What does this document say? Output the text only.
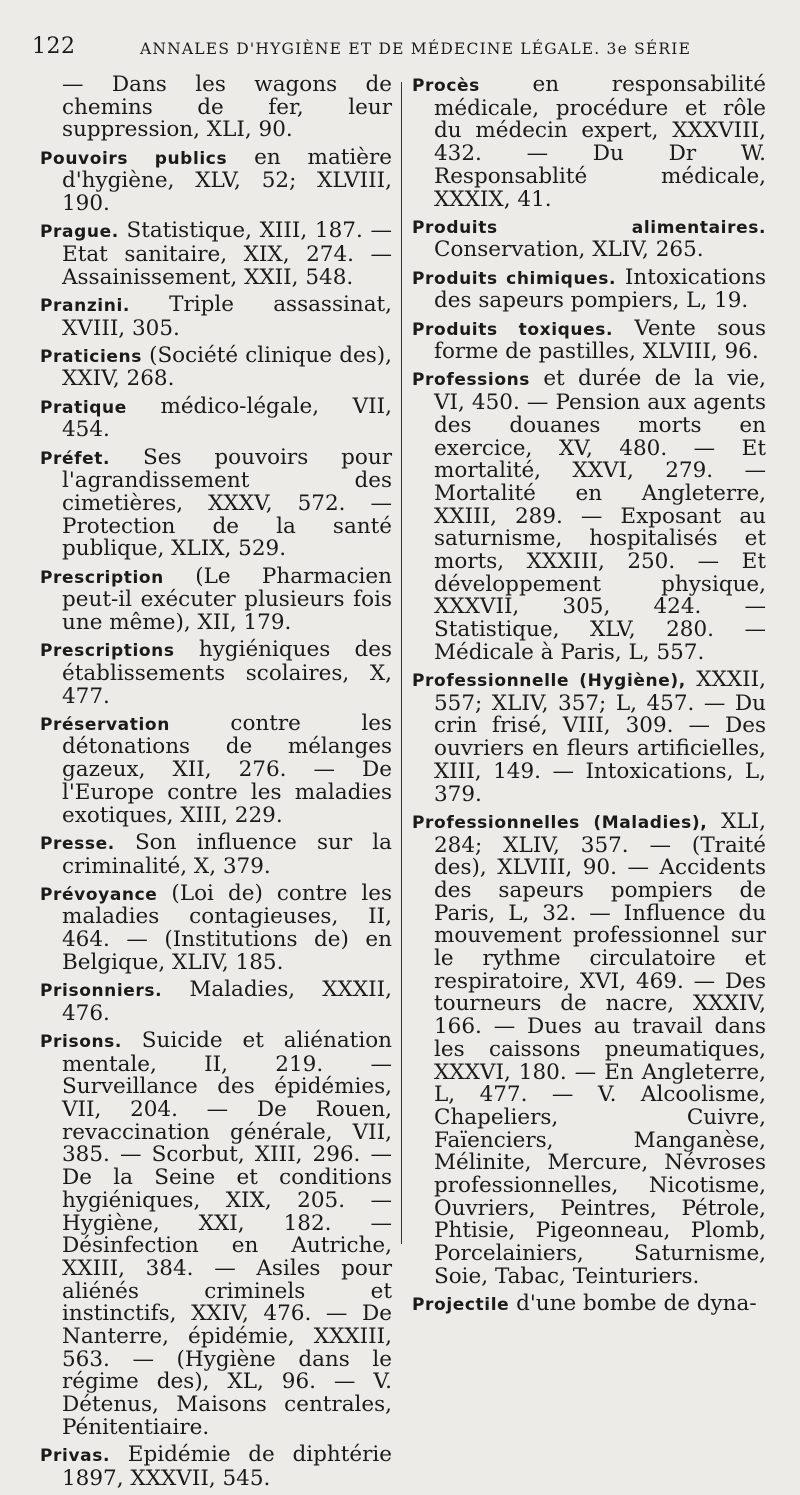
122	ANNALES D'HYGIÈNE ET DE MÉDECINE LÉGALE. 3e SÉRIE

— Dans les wagons de chemins de fer, leur suppression, XLI, 90.

Pouvoirs publics en matière d'hygiène, XLV, 52; XLVIII, 190.

Prague. Statistique, XIII, 187. — Etat sanitaire, XIX, 274. — Assainissement, XXII, 548.

Pranzini. Triple assassinat, XVIII, 305.

Praticiens (Société clinique des), XXIV, 268.

Pratique médico-légale, VII, 454.

Préfet. Ses pouvoirs pour l'agrandissement des cimetières, XXXV, 572. — Protection de la santé publique, XLIX, 529.

Prescription (Le Pharmacien peut-il exécuter plusieurs fois une même), XII, 179.

Prescriptions hygiéniques des établissements scolaires, X, 477.

Préservation contre les détonations de mélanges gazeux, XII, 276. — De l'Europe contre les maladies exotiques, XIII, 229.

Presse. Son influence sur la criminalité, X, 379.

Prévoyance (Loi de) contre les maladies contagieuses, II, 464. — (Institutions de) en Belgique, XLIV, 185.

Prisonniers. Maladies, XXXII, 476.

Prisons. Suicide et aliénation mentale, II, 219. — Surveillance des épidémies, VII, 204. — De Rouen, revaccination générale, VII, 385. — Scorbut, XIII, 296. — De la Seine et conditions hygiéniques, XIX, 205. — Hygiène, XXI, 182. — Désinfection en Autriche, XXIII, 384. — Asiles pour aliénés criminels et instinctifs, XXIV, 476. — De Nanterre, épidémie, XXXIII, 563. — (Hygiène dans le régime des), XL, 96. — V. Détenus, Maisons centrales, Pénitentiaire.

Privas. Epidémie de diphtérie 1897, XXXVII, 545.

Procès en responsabilité médicale, procédure et rôle du médecin expert, XXXVIII, 432. — Du Dr W. Responsablité médicale, XXXIX, 41.

Produits alimentaires. Conservation, XLIV, 265.

Produits chimiques. Intoxications des sapeurs pompiers, L, 19.

Produits toxiques. Vente sous forme de pastilles, XLVIII, 96.

Professions et durée de la vie, VI, 450. — Pension aux agents des douanes morts en exercice, XV, 480. — Et mortalité, XXVI, 279. — Mortalité en Angleterre, XXIII, 289. — Exposant au saturnisme, hospitalisés et morts, XXXIII, 250. — Et développement physique, XXXVII, 305, 424. — Statistique, XLV, 280. — Médicale à Paris, L, 557.

Professionnelle (Hygiène), XXXII, 557; XLIV, 357; L, 457. — Du crin frisé, VIII, 309. — Des ouvriers en fleurs artificielles, XIII, 149. — Intoxications, L, 379.

Professionnelles (Maladies), XLI, 284; XLIV, 357. — (Traité des), XLVIII, 90. — Accidents des sapeurs pompiers de Paris, L, 32. — Influence du mouvement professionnel sur le rythme circulatoire et respiratoire, XVI, 469. — Des tourneurs de nacre, XXXIV, 166. — Dues au travail dans les caissons pneumatiques, XXXVI, 180. — En Angleterre, L, 477. — V. Alcoolisme, Chapeliers, Cuivre, Faïenciers, Manganèse, Mélinite, Mercure, Névroses professionnelles, Nicotisme, Ouvriers, Peintres, Pétrole, Phtisie, Pigeonneau, Plomb, Porcelainiers, Saturnisme, Soie, Tabac, Teinturiers.

Projectile d'une bombe de dyna-
